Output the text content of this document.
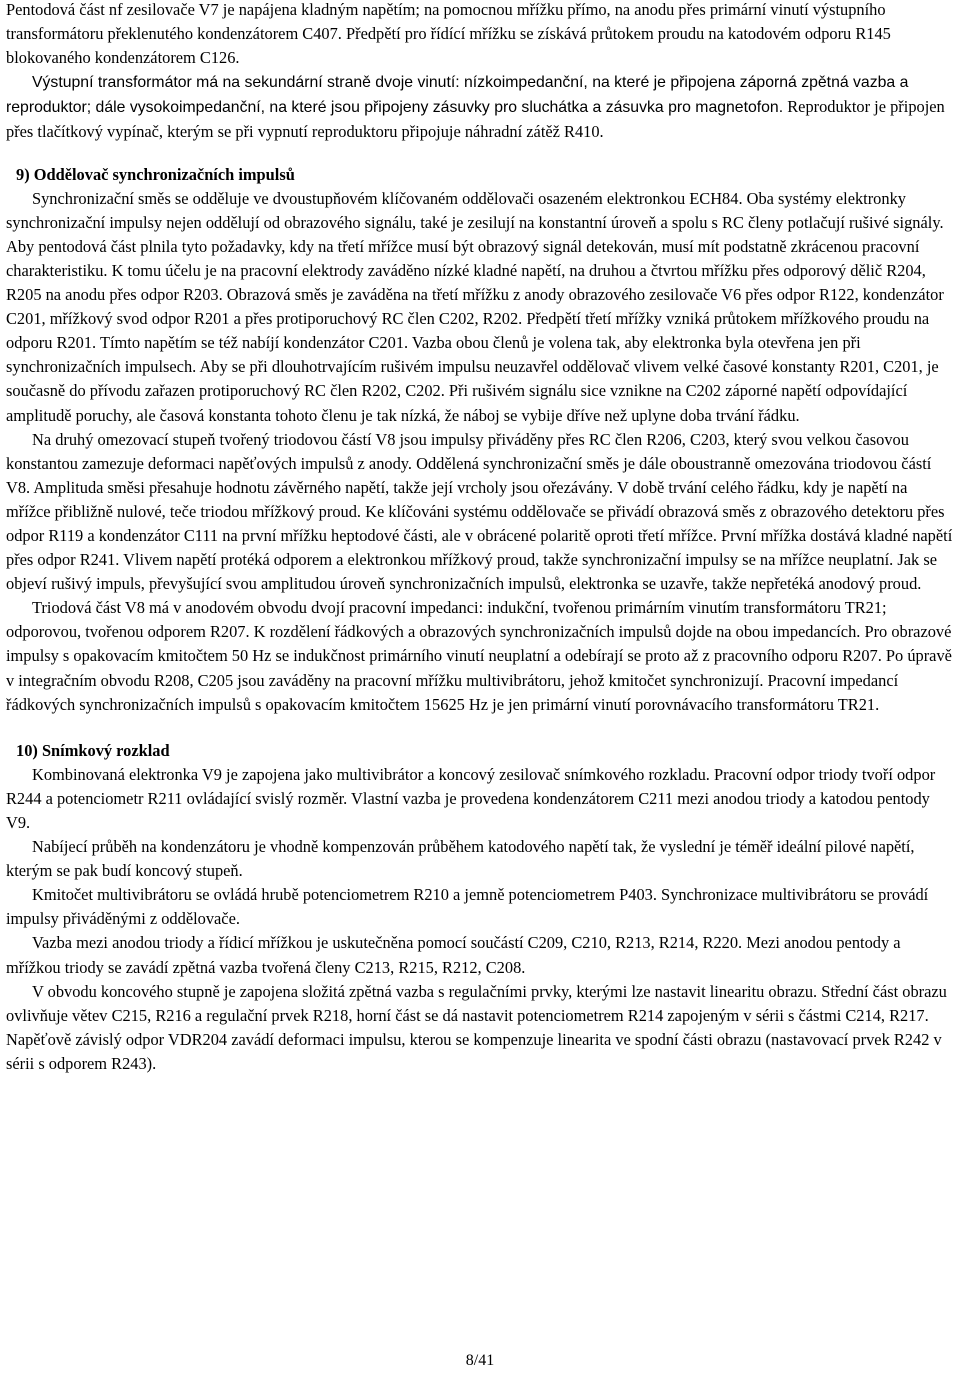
Pentodová část nf zesilovače V7 je napájena kladným napětím; na pomocnou mřížku přímo, na anodu přes primární vinutí výstupního transformátoru překlenutého kondenzátorem C407. Předpětí pro řídící mřížku se získává průtokem proudu na katodovém odporu R145 blokovaného kondenzátorem C126.
Výstupní transformátor má na sekundární straně dvoje vinutí: nízkoimpedanční, na které je připojena záporná zpětná vazba a reproduktor; dále vysokoimpedanční, na které jsou připojeny zásuvky pro sluchátka a zásuvka pro magnetofon. Reproduktor je připojen přes tlačítkový vypínač, kterým se při vypnutí reproduktoru připojuje náhradní zátěž R410.

9) Oddělovač synchronizačních impulsů

Synchronizační směs se odděluje ve dvoustupňovém klíčovaném oddělovači osazeném elektronkou ECH84. Oba systémy elektronky synchronizační impulsy nejen oddělují od obrazového signálu, také je zesilují na konstantní úroveň a spolu s RC členy potlačují rušivé signály. Aby pentodová část plnila tyto požadavky, kdy na třetí mřížce musí být obrazový signál detekován, musí mít podstatně zkrácenou pracovní charakteristiku. K tomu účelu je na pracovní elektrody zaváděno nízké kladné napětí, na druhou a čtvrtou mřížku přes odporový dělič R204, R205 na anodu přes odpor R203. Obrazová směs je zaváděna na třetí mřížku z anody obrazového zesilovače V6 přes odpor R122, kondenzátor C201, mřížkový svod odpor R201 a přes protiporuchový RC člen C202, R202. Předpětí třetí mřížky vzniká průtokem mřížkového proudu na odporu R201. Tímto napětím se též nabíjí kondenzátor C201. Vazba obou členů je volena tak, aby elektronka byla otevřena jen při synchronizačních impulsech. Aby se při dlouhotrvajícím rušivém impulsu neuzavřel oddělovač vlivem velké časové konstanty R201, C201, je současně do přívodu zařazen protiporuchový RC člen R202, C202. Při rušivém signálu sice vznikne na C202 záporné napětí odpovídající amplitudě poruchy, ale časová konstanta tohoto členu je tak nízká, že náboj se vybije dříve než uplyne doba trvání řádku.

Na druhý omezovací stupeň tvořený triodovou částí V8 jsou impulsy přiváděny přes RC člen R206, C203, který svou velkou časovou konstantou zamezuje deformaci napěťových impulsů z anody. Oddělená synchronizační směs je dále oboustranně omezována triodovou částí V8. Amplituda směsi přesahuje hodnotu závěrného napětí, takže její vrcholy jsou ořezávány. V době trvání celého řádku, kdy je napětí na mřížce přibližně nulové, teče triodou mřížkový proud. Ke klíčováni systému oddělovače se přivádí obrazová směs z obrazového detektoru přes odpor R119 a kondenzátor C111 na první mřížku heptodové části, ale v obrácené polaritě oproti třetí mřížce. První mřížka dostává kladné napětí přes odpor R241. Vlivem napětí protéká odporem a elektronkou mřížkový proud, takže synchronizační impulsy se na mřížce neuplatní. Jak se objeví rušivý impuls, převyšující svou amplitudou úroveň synchronizačních impulsů, elektronka se uzavře, takže nepřetéká anodový proud.

Triodová část V8 má v anodovém obvodu dvojí pracovní impedanci: indukční, tvořenou primárním vinutím transformátoru TR21; odporovou, tvořenou odporem R207. K rozdělení řádkových a obrazových synchronizačních impulsů dojde na obou impedancích. Pro obrazové impulsy s opakovacím kmitočtem 50 Hz se indukčnost primárního vinutí neuplatní a odebírají se proto až z pracovního odporu R207. Po úpravě v integračním obvodu R208, C205 jsou zaváděny na pracovní mřížku multivibrátoru, jehož kmitočet synchronizují. Pracovní impedancí řádkových synchronizačních impulsů s opakovacím kmitočtem 15625 Hz je jen primární vinutí porovnávacího transformátoru TR21.

10) Snímkový rozklad

Kombinovaná elektronka V9 je zapojena jako multivibrátor a koncový zesilovač snímkového rozkladu. Pracovní odpor triody tvoří odpor R244 a potenciometr R211 ovládající svislý rozměr. Vlastní vazba je provedena kondenzátorem C211 mezi anodou triody a katodou pentody V9.

Nabíjecí průběh na kondenzátoru je vhodně kompenzován průběhem katodového napětí tak, že vyslední je téměř ideální pilové napětí, kterým se pak budí koncový stupeň.

Kmitočet multivibrátoru se ovládá hrubě potenciometrem R210 a jemně potenciometrem P403. Synchronizace multivibrátoru se provádí impulsy přiváděnými z oddělovače.

Vazba mezi anodou triody a řídicí mřížkou je uskutečněna pomocí součástí C209, C210, R213, R214, R220. Mezi anodou pentody a mřížkou triody se zavádí zpětná vazba tvořená členy C213, R215, R212, C208.

V obvodu koncového stupně je zapojena složitá zpětná vazba s regulačními prvky, kterými lze nastavit linearitu obrazu. Střední část obrazu ovlivňuje větev C215, R216 a regulační prvek R218, horní část se dá nastavit potenciometrem R214 zapojeným v sérii s částmi C214, R217. Napěťově závislý odpor VDR204 zavádí deformaci impulsu, kterou se kompenzuje linearita ve spodní části obrazu (nastavovací prvek R242 v sérii s odporem R243).

8/41
